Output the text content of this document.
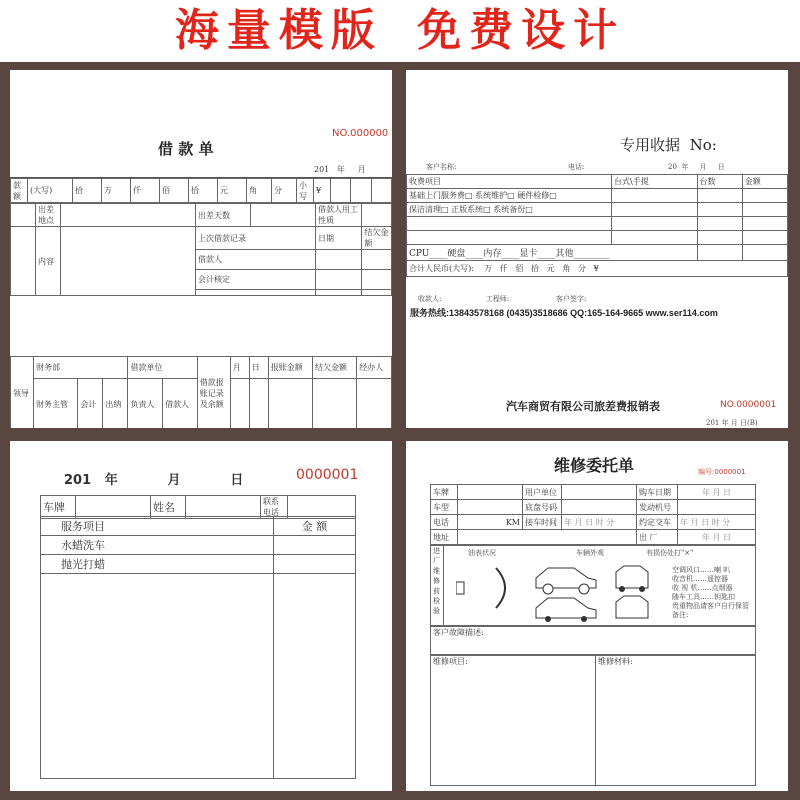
海量模版 免费设计
借 款 单
NO.000000
201 年 月
款额	(大写)	拾	万	仟	佰	拾	元	角	分	小写	¥			
	出差地点		出差天数		借款人用工性质	
	内容		上次借款记录		日期	结欠金额
			借款人			
			会计核定			

领导	财务部			借款单位		借款报账记录及余额	月	日	报账金额	结欠金额	经办人
	财务主管	会计	出纳	负责人	借款人						
专用收据 No:
客户名称:	电话:	20 年 月 日
收费项目	台式\手提	台数	金额
基础上门服务费□ 系统维护□ 硬件检修□			
保洁清理□ 正版系统□ 系统备份□			

CPU____硬盘____内存____显卡____其他________			
合计人民币(大写): 万 仟 佰 拾 元 角 分 ¥			
收款人:	工程师:	客户签字:
服务热线:13843578168 (0435)3518686 QQ:165-164-9665 www.ser114.com
汽车商贸有限公司旅差费报销表	NO.0000001
201 年 月 日(B)
201 年	月	日	0000001
车牌		姓名		联系电话	
服务项目	金 额
水蜡洗车	
抛光打蜡	

维修委托单	编号:0000001
车牌		用户单位		购车日期	年 月 日
车型		底盘号码		发动机号	
电话	KM	接车时间	年 月 日 时 分	约定交车	年 月 日 时 分
地址				出 厂	年 月 日
进厂维修前检验	
油表状况	车辆外观	有损伤处打"×"
空调风口……喇 叭
收音机……遥控器
收 视 机……点烟器
随车工具……钥匙扣
贵重物品请客户自行保管
备注:
客户故障描述:
维修项目:	维修材料:
